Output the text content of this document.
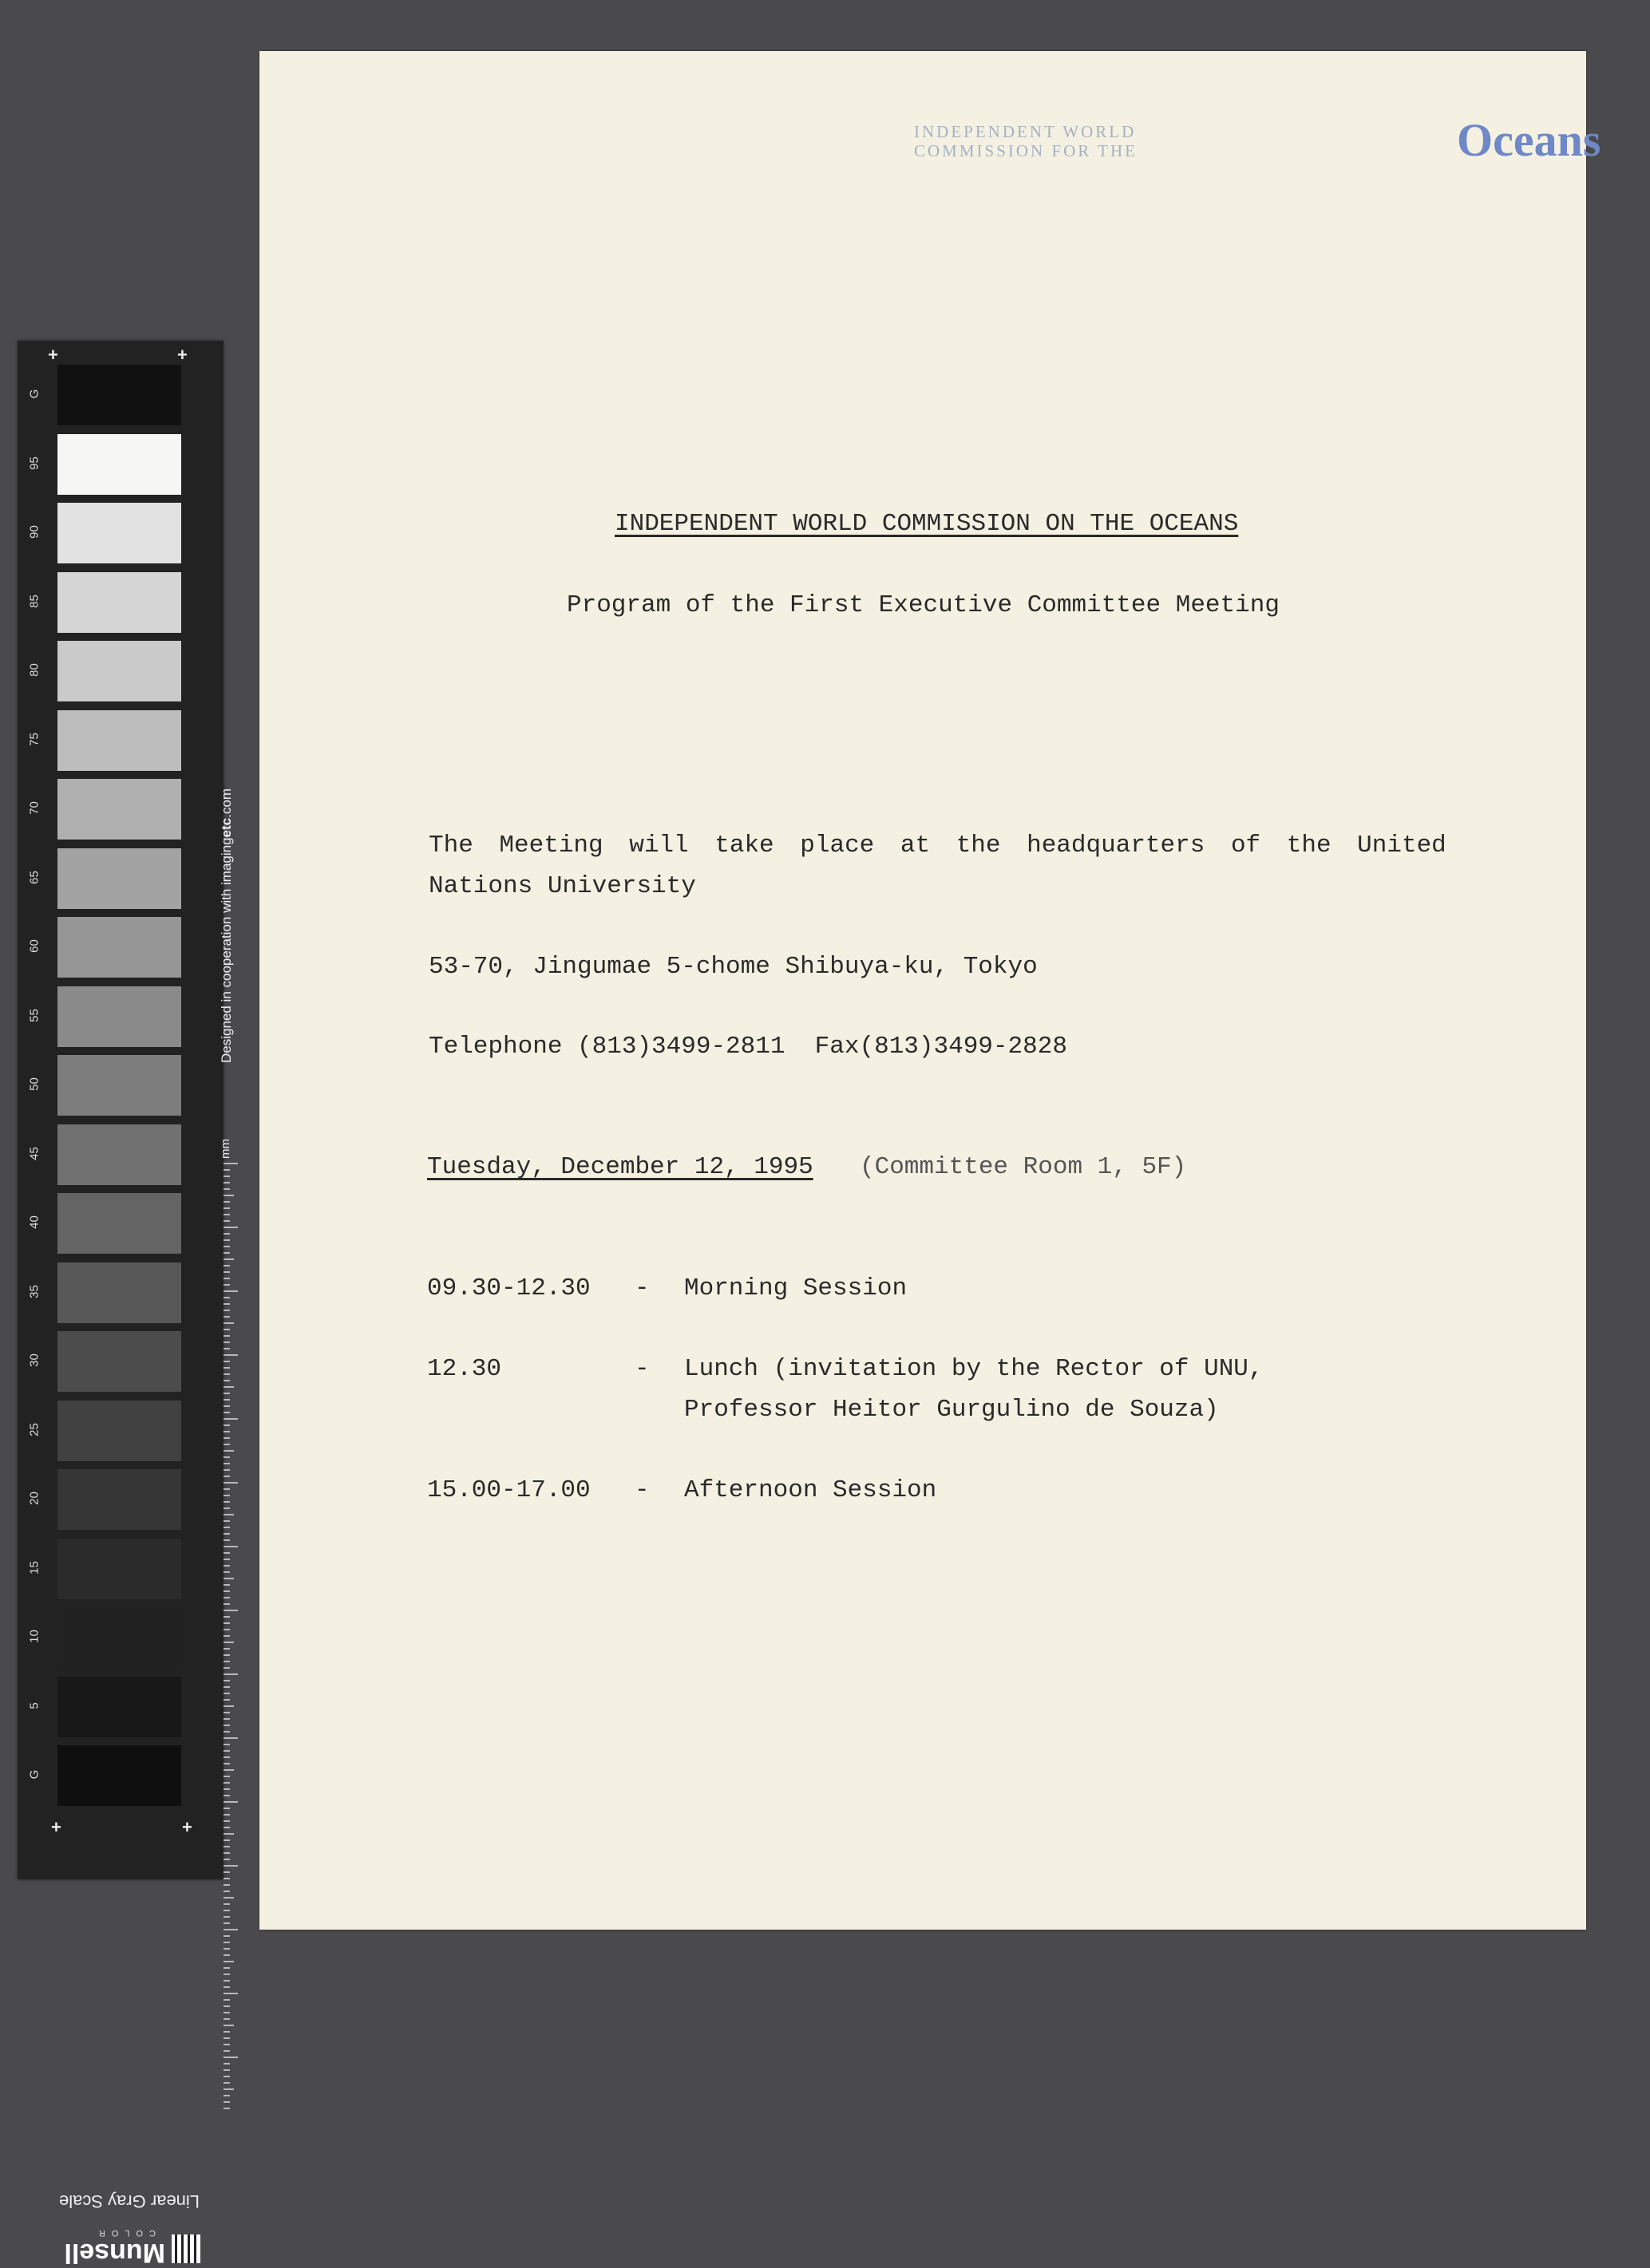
+	+
G
95
90
85
80
75
70
65
60
55
50
45
40
35
30
25
20
15
10
5
G
Designed in cooperation with imagingetc.com
mm
+	+
Linear Gray Scale
Munsell
COLOR
INDEPENDENT WORLD
COMMISSION FOR THE	Oceans
INDEPENDENT WORLD COMMISSION ON THE OCEANS
Program of the First Executive Committee Meeting
The Meeting will take place at the headquarters of the United
Nations University
53-70, Jingumae 5-chome Shibuya-ku, Tokyo
Telephone (813)3499-2811  Fax(813)3499-2828
Tuesday, December 12, 1995 (Committee Room 1, 5F)
09.30-12.30 - Morning Session
12.30	- Lunch (invitation by the Rector of UNU,
Professor Heitor Gurgulino de Souza)
15.00-17.00 - Afternoon Session
